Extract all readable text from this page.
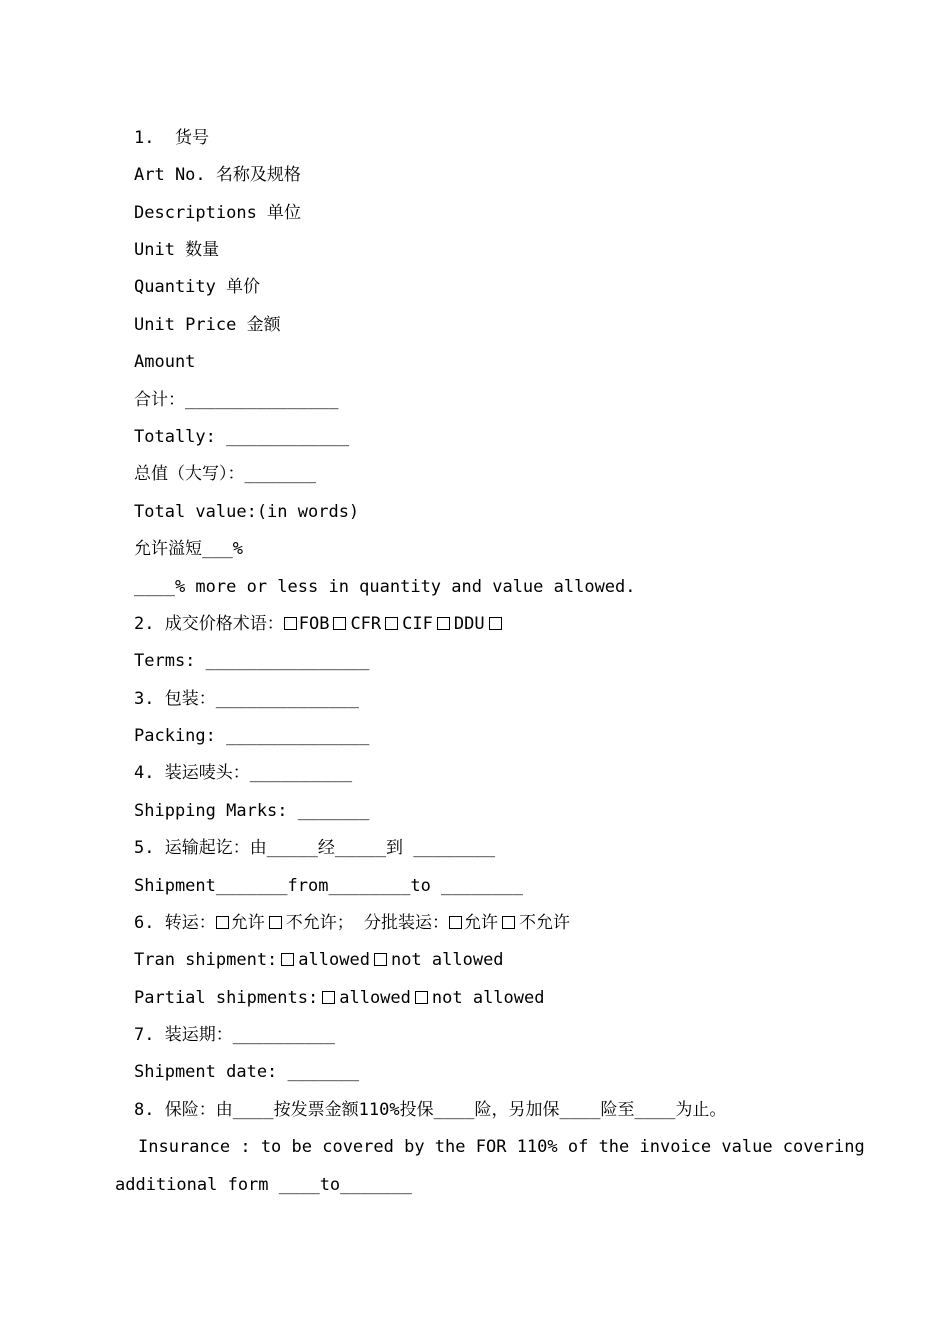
1.  货号

Art No. 名称及规格

Descriptions 单位

Unit 数量

Quantity 单价

Unit Price 金额

Amount

合计：_______________

Totally: ____________

总值（大写）：_______

Total value:(in words)

允许溢短___%

____% more or less in quantity and value allowed.

2. 成交价格术语： FOB CFR CIF DDU

Terms: ________________

3. 包装：______________

Packing: ______________

4. 装运唛头：__________

Shipping Marks: _______

5. 运输起讫：由_____经_____到 ________

Shipment_______from________to ________

6. 转运： 允许 不允许； 分批装运： 允许 不允许

Tran shipment: allowed not allowed

Partial shipments: allowed not allowed

7. 装运期：__________

Shipment date: _______

8. 保险：由____按发票金额110%投保____险，另加保____险至____为止。

Insurance : to be covered by the FOR 110% of the invoice value covering

additional form ____to_______
